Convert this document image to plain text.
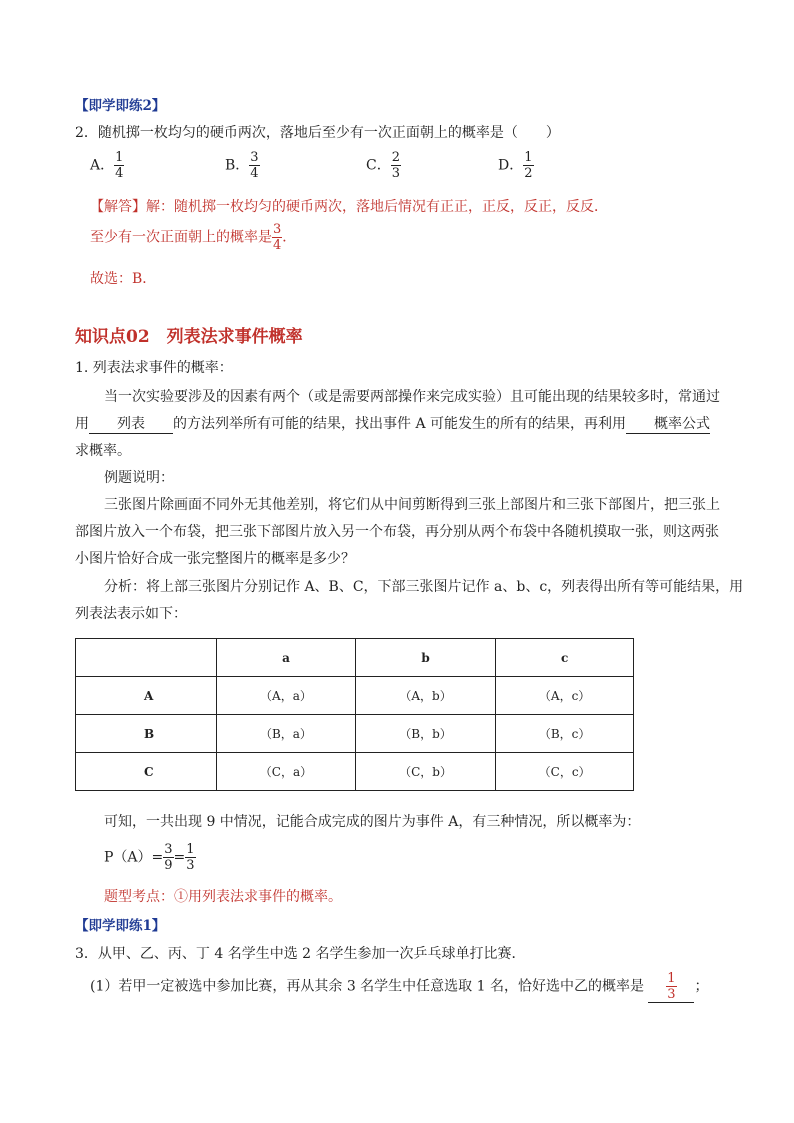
【即学即练2】
2．随机掷一枚均匀的硬币两次，落地后至少有一次正面朝上的概率是（　　）
A． $\frac{1}{4}$	B． $\frac{3}{4}$	C． $\frac{2}{3}$	D． $\frac{1}{2}$
【解答】解：随机掷一枚均匀的硬币两次，落地后情况有正正，正反，反正，反反．
至少有一次正面朝上的概率是 $\frac{3}{4}$ ．
故选：B．
知识点02　列表法求事件概率
1. 列表法求事件的概率：
当一次实验要涉及的因素有两个（或是需要两部操作来完成实验）且可能出现的结果较多时，常通过
用 列表 的方法列举所有可能的结果，找出事件 A 可能发生的所有的结果，再利用 概率公式
求概率。
例题说明：
三张图片除画面不同外无其他差别，将它们从中间剪断得到三张上部图片和三张下部图片，把三张上
部图片放入一个布袋，把三张下部图片放入另一个布袋，再分别从两个布袋中各随机摸取一张，则这两张
小图片恰好合成一张完整图片的概率是多少？
分析：将上部三张图片分别记作 A、B、C，下部三张图片记作 a、b、c，列表得出所有等可能结果，用
列表法表示如下：
	a	b	c
A	（A，a）	（A，b）	（A，c）
B	（B，a）	（B，b）	（B，c）
C	（C，a）	（C，b）	（C，c）
可知，一共出现 9 中情况，记能合成完成的图片为事件 A，有三种情况，所以概率为：
$P(A)= \frac{3}{9} = \frac{1}{3}$
题型考点：①用列表法求事件的概率。
【即学即练1】
3．从甲、乙、丙、丁 4 名学生中选 2 名学生参加一次乒乓球单打比赛．
(1）若甲一定被选中参加比赛，再从其余 3 名学生中任意选取 1 名，恰好选中乙的概率是 $\frac{1}{3}$ ；
